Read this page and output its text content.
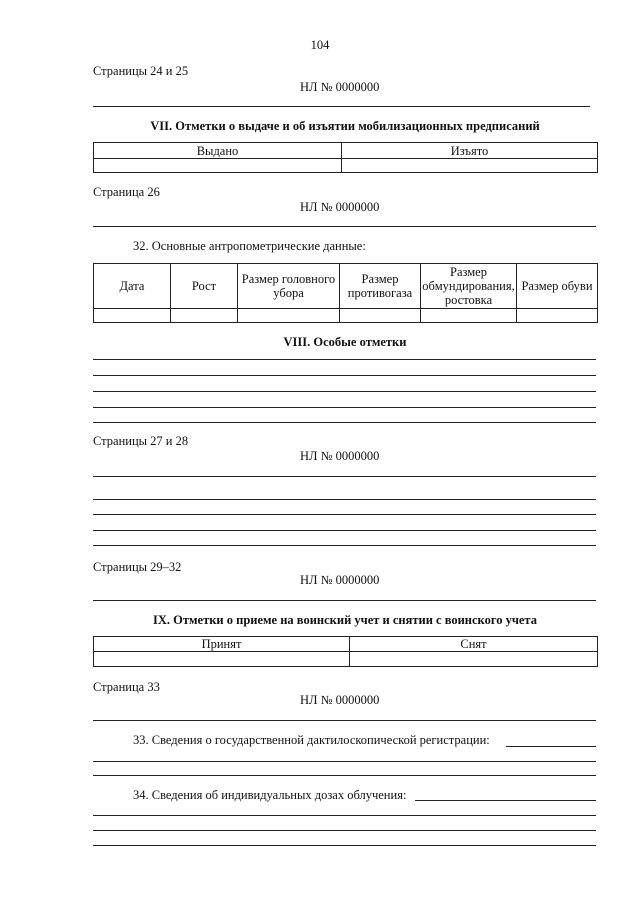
104
Страницы 24 и 25
НЛ № 0000000
VII. Отметки о выдаче и об изъятии мобилизационных предписаний
Выдано	Изъято

Страница 26
НЛ № 0000000
32. Основные антропометрические данные:
Дата	Рост	Размер головного убора	Размер противогаза	Размер обмундирования, ростовка	Размер обуви

VIII. Особые отметки
Страницы 27 и 28
НЛ № 0000000
Страницы 29–32
НЛ № 0000000
IX. Отметки о приеме на воинский учет и снятии с воинского учета
Принят	Снят

Страница 33
НЛ № 0000000
33. Сведения о государственной дактилоскопической регистрации:
34. Сведения об индивидуальных дозах облучения:
